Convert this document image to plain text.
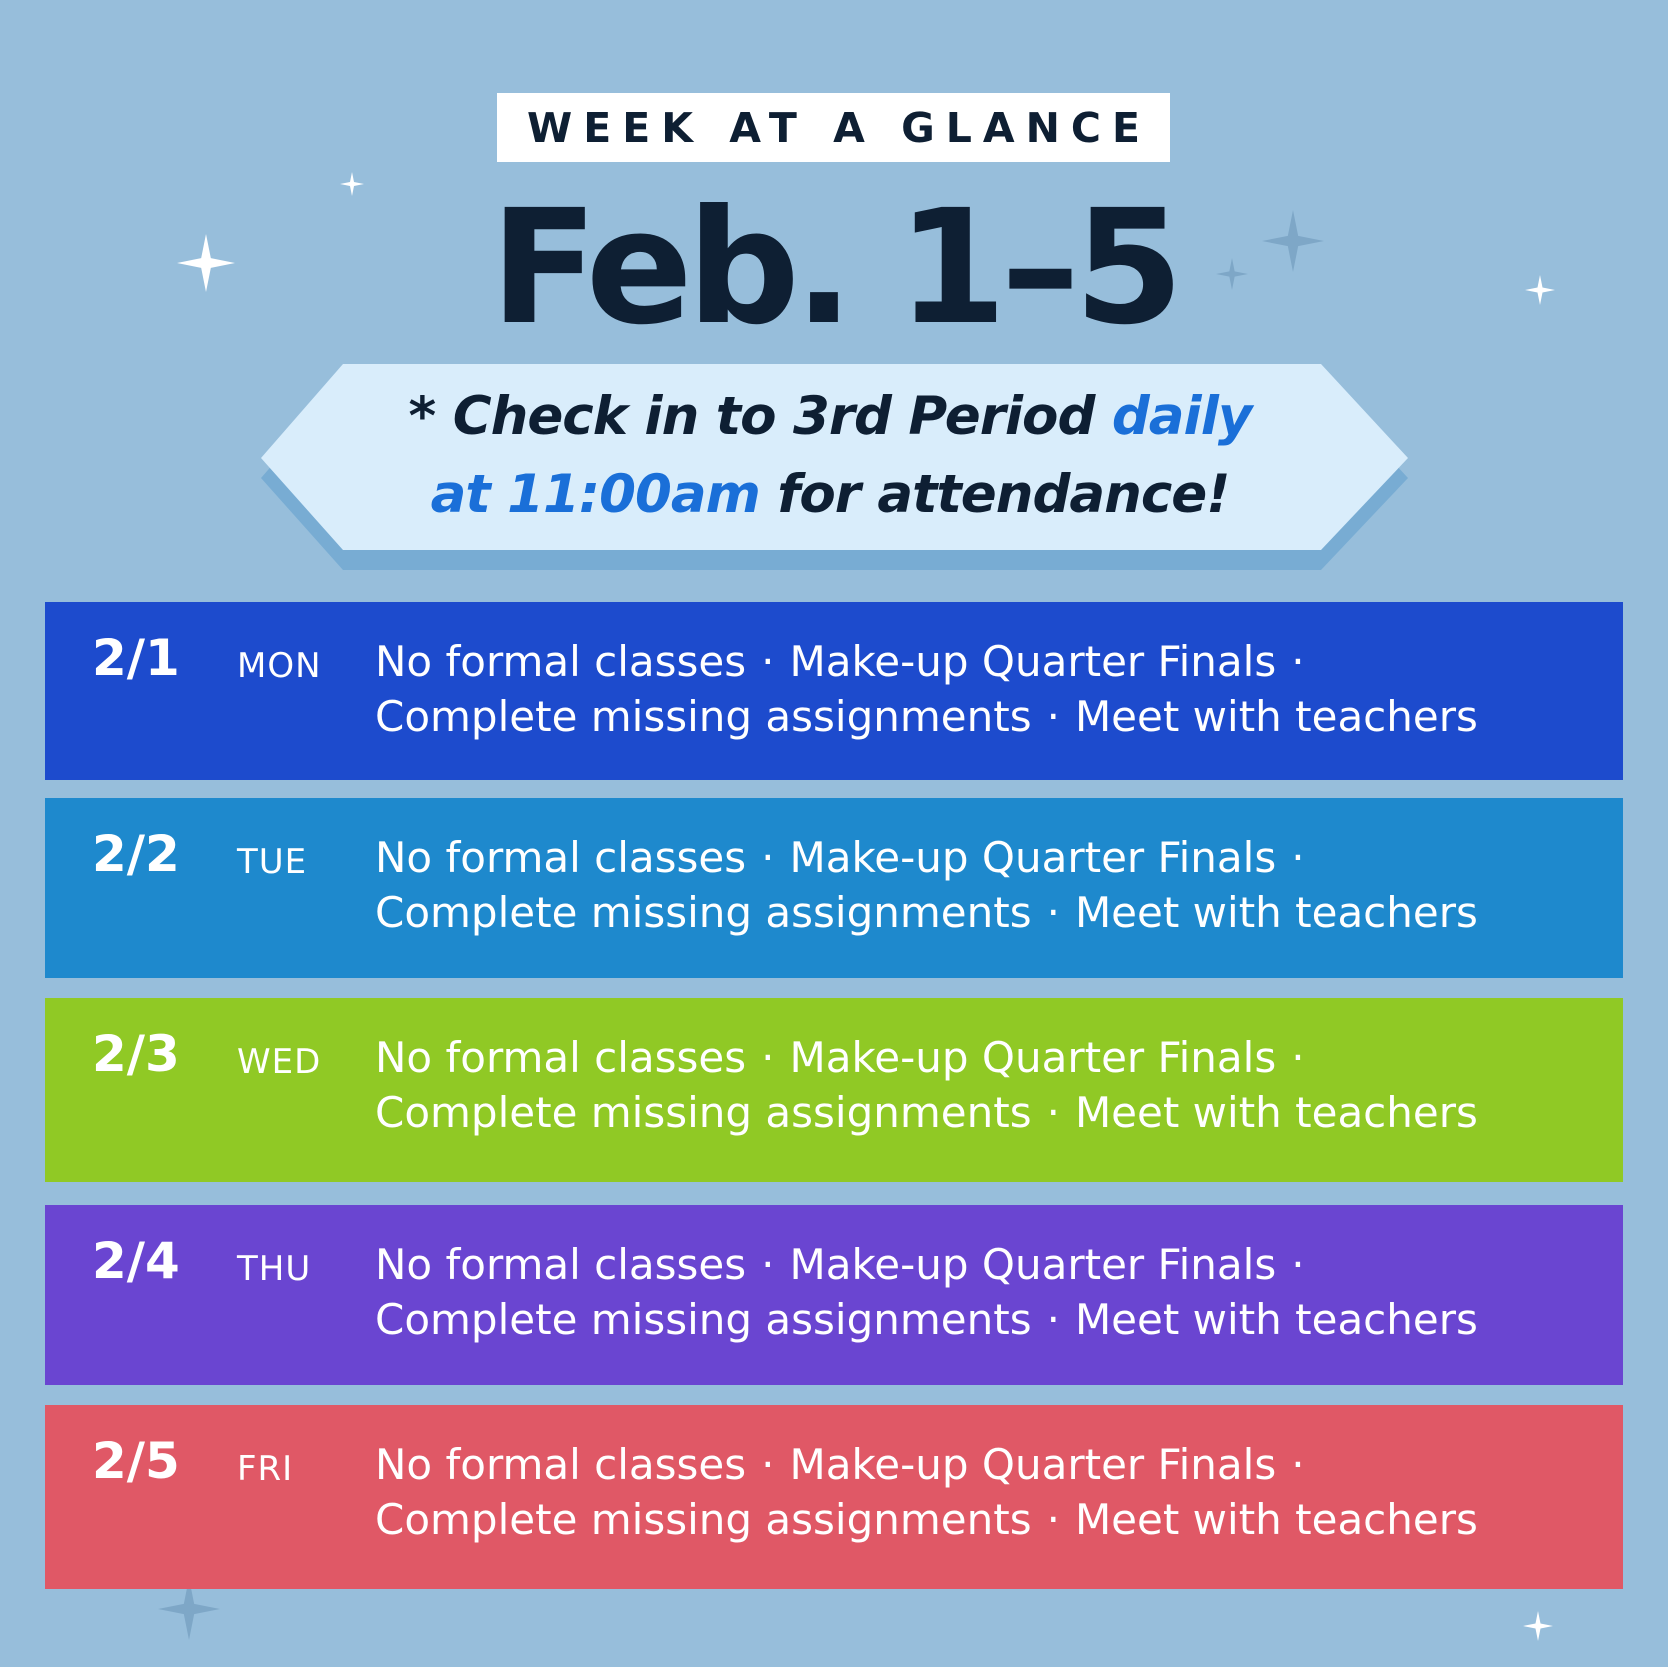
WEEK AT A GLANCE
Feb. 1–5
* Check in to 3rd Period daily
at 11:00am for attendance!
2/1 MON No formal classes · Make-up Quarter Finals ·
Complete missing assignments · Meet with teachers
2/2 TUE No formal classes · Make-up Quarter Finals ·
Complete missing assignments · Meet with teachers
2/3 WED No formal classes · Make-up Quarter Finals ·
Complete missing assignments · Meet with teachers
2/4 THU No formal classes · Make-up Quarter Finals ·
Complete missing assignments · Meet with teachers
2/5 FRI No formal classes · Make-up Quarter Finals ·
Complete missing assignments · Meet with teachers
